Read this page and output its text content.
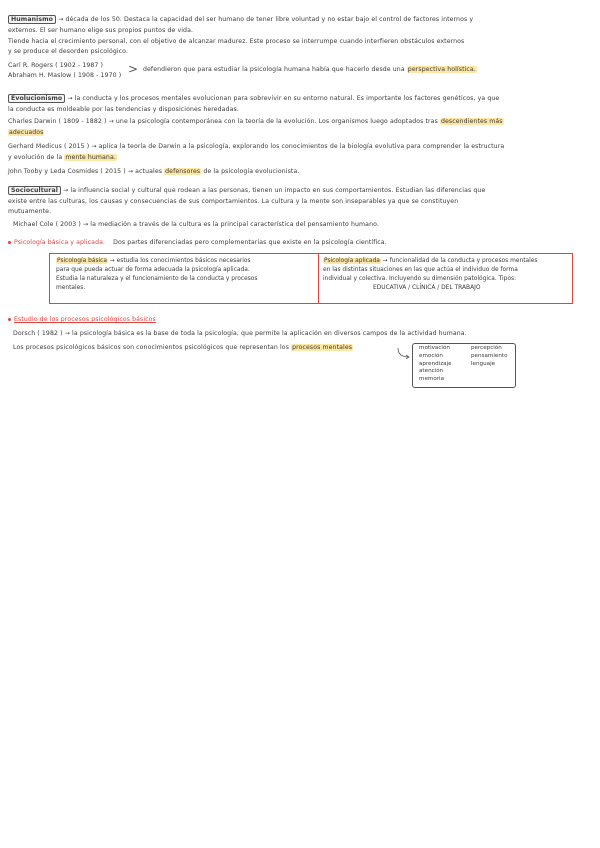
Humanismo → década de los 50. Destaca la capacidad del ser humano de tener libre voluntad y no estar bajo el control de factores internos y
externos. El ser humano elige sus propios puntos de vida.
Tiende hacia el crecimiento personal, con el objetivo de alcanzar madurez. Este proceso se interrumpe cuando interfieren obstáculos externos
y se produce el desorden psicológico.
Carl R. Rogers ( 1902 - 1987 )
Abraham H. Maslow ( 1908 - 1970 ) > defendieron que para estudiar la psicología humana había que hacerlo desde una perspectiva holística.
Evolucionismo → la conducta y los procesos mentales evolucionan para sobrevivir en su entorno natural. Es importante los factores genéticos, ya que
la conducta es moldeable por las tendencias y disposiciones heredadas.
Charles Darwin ( 1809 - 1882 ) → une la psicología contemporánea con la teoría de la evolución. Los organismos luego adoptados tras descendientes más
adecuados
Gerhard Medicus ( 2015 ) → aplica la teoría de Darwin a la psicología, explorando los conocimientos de la biología evolutiva para comprender la estructura
y evolución de la mente humana.
John Tooby y Leda Cosmides ( 2015 ) → actuales defensores de la psicología evolucionista.
Sociocultural → la influencia social y cultural que rodean a las personas, tienen un impacto en sus comportamientos. Estudian las diferencias que
existe entre las culturas, los causas y consecuencias de sus comportamientos. La cultura y la mente son inseparables ya que se constituyen
mutuamente.
Michael Cole ( 2003 ) → la mediación a través de la cultura es la principal característica del pensamiento humano.
Psicología básica y aplicada. Dos partes diferenciadas pero complementarias que existe en la psicología científica.
Psicología básica → estudia los conocimientos básicos necesarios
para que pueda actuar de forma adecuada la psicología aplicada.
Estudia la naturaleza y el funcionamiento de la conducta y procesos
mentales.
Psicología aplicada → funcionalidad de la conducta y procesos mentales
en las distintas situaciones en las que actúa el individuo de forma
individual y colectiva. Incluyendo su dimensión patológica. Tipos:
EDUCATIVA / CLÍNICA / DEL TRABAJO
Estudio de los procesos psicológicos básicos
Dorsch ( 1982 ) → la psicología básica es la base de toda la psicología, que permite la aplicación en diversos campos de la actividad humana.
Los procesos psicológicos básicos son conocimientos psicológicos que representan los procesos mentales	motivación
emoción
aprendizaje
atención
memoria
percepción
pensamiento
lenguaje
